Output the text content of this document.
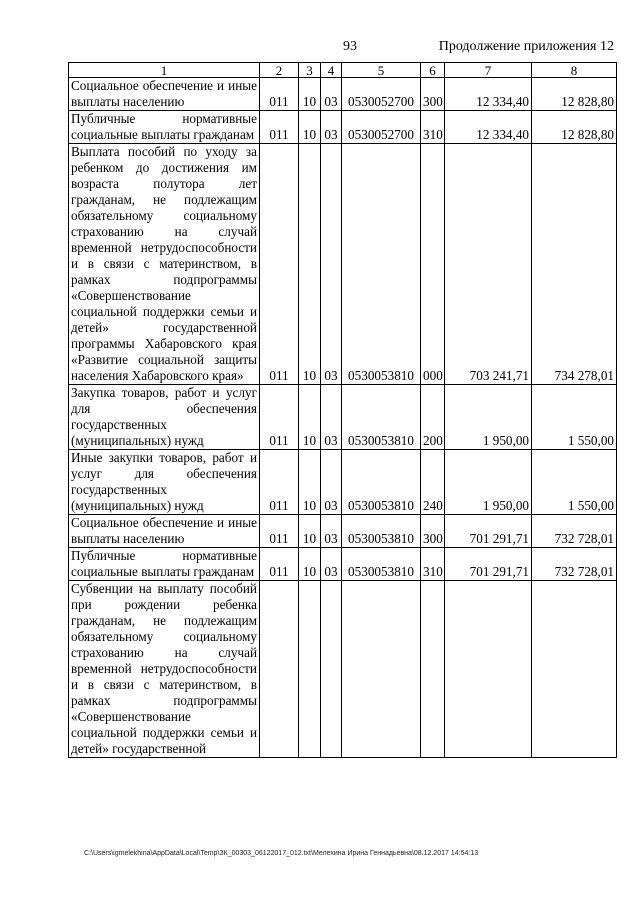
93	Продолжение приложения 12
1	2	3	4	5	6	7	8
Социальное обеспечение и иные выплаты населению	011	10	03	0530052700	300	12 334,40	12 828,80
Публичные нормативные социальные выплаты гражданам	011	10	03	0530052700	310	12 334,40	12 828,80
Выплата пособий по уходу за ребенком до достижения им возраста полутора лет гражданам, не подлежащим обязательному социальному страхованию на случай временной нетрудоспособности и в связи с материнством, в рамках подпрограммы «Совершенствование социальной поддержки семьи и детей» государственной программы Хабаровского края «Развитие социальной защиты населения Хабаровского края»	011	10	03	0530053810	000	703 241,71	734 278,01
Закупка товаров, работ и услуг для обеспечения государственных (муниципальных) нужд	011	10	03	0530053810	200	1 950,00	1 550,00
Иные закупки товаров, работ и услуг для обеспечения государственных (муниципальных) нужд	011	10	03	0530053810	240	1 950,00	1 550,00
Социальное обеспечение и иные выплаты населению	011	10	03	0530053810	300	701 291,71	732 728,01
Публичные нормативные социальные выплаты гражданам	011	10	03	0530053810	310	701 291,71	732 728,01
Субвенции на выплату пособий при рождении ребенка гражданам, не подлежащим обязательному социальному страхованию на случай временной нетрудоспособности и в связи с материнством, в рамках подпрограммы «Совершенствование социальной поддержки семьи и детей» государственной							
C:\Users\igmelekhina\AppData\Local\Temp\ЗК_00303_06122017_012.txt\Мелехина Ирина Геннадьевна\08.12.2017 14:54:13
